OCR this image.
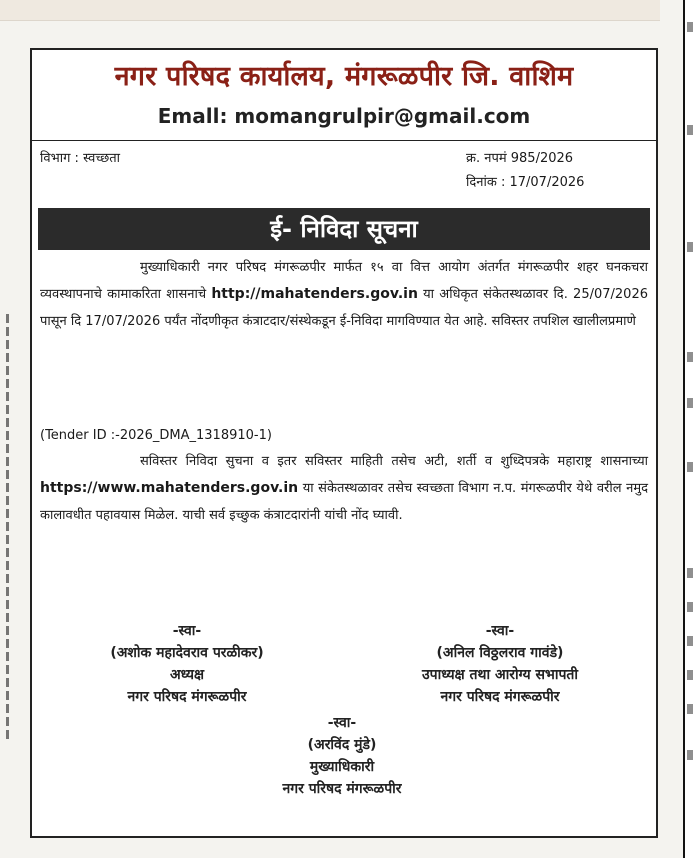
नगर परिषद कार्यालय, मंगरूळपीर जि. वाशिम
Emall: momangrulpir@gmail.com
विभाग : स्वच्छता	क्र. नपमं 985/2026
दिनांक : 17/07/2026
ई- निविदा सूचना
मुख्याधिकारी नगर परिषद मंगरूळपीर मार्फत १५ वा वित्त आयोग अंतर्गत मंगरूळपीर शहर घनकचरा व्यवस्थापनाचे कामाकरिता शासनाचे http://mahatenders.gov.in या अधिकृत संकेतस्थळावर दि. 25/07/2026 पासून दि 17/07/2026 पर्यंत नोंदणीकृत कंत्राटदार/संस्थेकडून ई-निविदा मागविण्यात येत आहे. सविस्तर तपशिल खालीलप्रमाणे
(Tender ID :-2026_DMA_1318910-1)
सविस्तर निविदा सुचना व इतर सविस्तर माहिती तसेच अटी, शर्ती व शुध्दिपत्रके महाराष्ट्र शासनाच्या https://www.mahatenders.gov.in या संकेतस्थळावर तसेच स्वच्छता विभाग न.प. मंगरूळपीर येथे वरील नमुद कालावधीत पहावयास मिळेल. याची सर्व इच्छुक कंत्राटदारांनी यांची नोंद घ्यावी.
-स्वा-
(अशोक महादेवराव परळीकर)
अध्यक्ष
नगर परिषद मंगरूळपीर
-स्वा-
(अनिल विठ्ठलराव गावंडे)
उपाध्यक्ष तथा आरोग्य सभापती
नगर परिषद मंगरूळपीर
-स्वा-
(अरविंद मुंडे)
मुख्याधिकारी
नगर परिषद मंगरूळपीर
